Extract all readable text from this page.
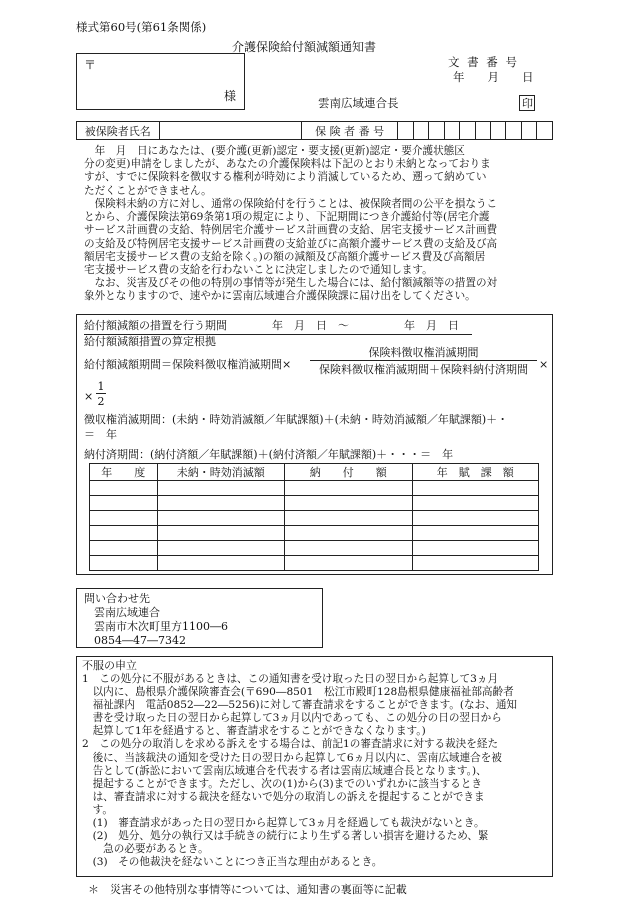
様式第60号(第61条関係)
介護保険給付額減額通知書
〒
様
文 書 番 号
年　　月　　日
雲南広域連合長	印
被保険者氏名		保 険 者 番 号										
　年　月　日にあなたは、(要介護(更新)認定・要支援(更新)認定・要介護状態区
分の変更)申請をしましたが、あなたの介護保険料は下記のとおり未納となっておりま
すが、すでに保険料を徴収する権利が時効により消滅しているため、遡って納めてい
ただくことができません。
　保険料未納の方に対し、通常の保険給付を行うことは、被保険者間の公平を損なうこ
とから、介護保険法第69条第1項の規定により、下記期間につき介護給付等(居宅介護
サービス計画費の支給、特例居宅介護サービス計画費の支給、居宅支援サービス計画費
の支給及び特例居宅支援サービス計画費の支給並びに高額介護サービス費の支給及び高
額居宅支援サービス費の支給を除く。)の額の減額及び高額介護サービス費及び高額居
宅支援サービス費の支給を行わないことに決定しましたので通知します。
　なお、災害及びその他の特別の事情等が発生した場合には、給付額減額等の措置の対
象外となりますので、速やかに雲南広域連合介護保険課に届け出をしてください。
給付額減額の措置を行う期間	年　月　日　～	年　月　日
給付額減額措置の算定根拠
給付額減額期間＝保険料徴収権消滅期間×
保険料徴収権消滅期間
保険料徴収権消滅期間＋保険料納付済期間	×
×
1
2
徴収権消滅期間：(未納・時効消滅額／年賦課額)＋(未納・時効消滅額／年賦課額)＋・
＝　年
納付済期間：(納付済額／年賦課額)＋(納付済額／年賦課額)＋・・・＝　年
年　　度	未納・時効消滅額	納　　付　　額	年　賦　課　額

問い合わせ先
雲南広域連合
雲南市木次町里方1100―6
0854―47―7342
不服の申立
1　この処分に不服があるときは、この通知書を受け取った日の翌日から起算して3ヵ月
　以内に、島根県介護保険審査会(〒690―8501　松江市殿町128島根県健康福祉部高齢者
　福祉課内　電話0852―22―5256)に対して審査請求をすることができます。(なお、通知
　書を受け取った日の翌日から起算して3ヵ月以内であっても、この処分の日の翌日から
　起算して1年を経過すると、審査請求をすることができなくなります。)
2　この処分の取消しを求める訴えをする場合は、前記1の審査請求に対する裁決を経た
　後に、当該裁決の通知を受けた日の翌日から起算して6ヵ月以内に、雲南広域連合を被
　告として(訴訟において雲南広域連合を代表する者は雲南広域連合長となります。)、
　提起することができます。ただし、次の(1)から(3)までのいずれかに該当するとき
　は、審査請求に対する裁決を経ないで処分の取消しの訴えを提起することができま
　す。
　(1)　審査請求があった日の翌日から起算して3ヵ月を経過しても裁決がないとき。
　(2)　処分、処分の執行又は手続きの続行により生ずる著しい損害を避けるため、緊
　　急の必要があるとき。
　(3)　その他裁決を経ないことにつき正当な理由があるとき。
＊　災害その他特別な事情等については、通知書の裏面等に記載
